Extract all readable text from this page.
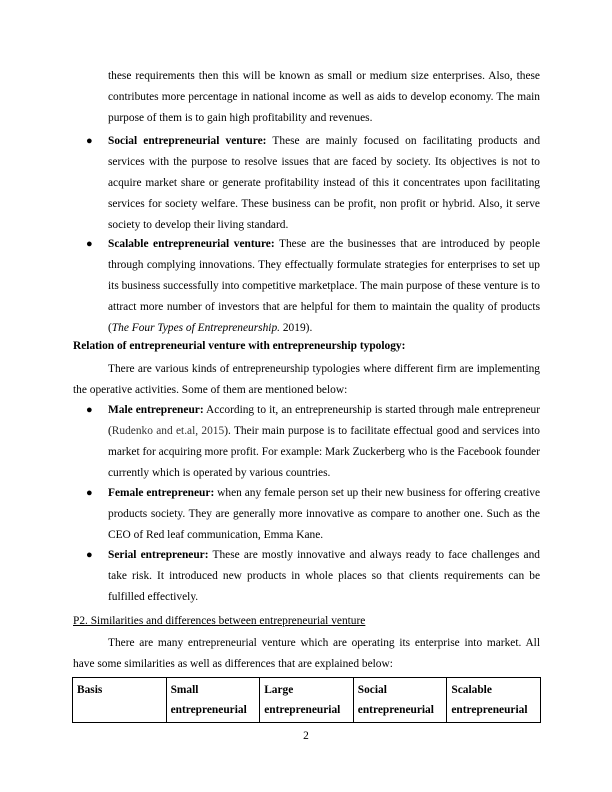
these requirements then this will be known as small or medium size enterprises. Also, these contributes more percentage in national income as well as aids to develop economy. The main purpose of them is to gain high profitability and revenues.

● Social entrepreneurial venture: These are mainly focused on facilitating products and services with the purpose to resolve issues that are faced by society. Its objectives is not to acquire market share or generate profitability instead of this it concentrates upon facilitating services for society welfare. These business can be profit, non profit or hybrid. Also, it serve society to develop their living standard.
● Scalable entrepreneurial venture: These are the businesses that are introduced by people through complying innovations. They effectually formulate strategies for enterprises to set up its business successfully into competitive marketplace. The main purpose of these venture is to attract more number of investors that are helpful for them to maintain the quality of products (The Four Types of Entrepreneurship. 2019).

Relation of entrepreneurial venture with entrepreneurship typology:

There are various kinds of entrepreneurship typologies where different firm are implementing the operative activities. Some of them are mentioned below:

● Male entrepreneur: According to it, an entrepreneurship is started through male entrepreneur (Rudenko and et.al, 2015). Their main purpose is to facilitate effectual good and services into market for acquiring more profit. For example: Mark Zuckerberg who is the Facebook founder currently which is operated by various countries.
● Female entrepreneur: when any female person set up their new business for offering creative products society. They are generally more innovative as compare to another one. Such as the CEO of Red leaf communication, Emma Kane.
● Serial entrepreneur: These are mostly innovative and always ready to face challenges and take risk. It introduced new products in whole places so that clients requirements can be fulfilled effectively.

P2. Similarities and differences between entrepreneurial venture

There are many entrepreneurial venture which are operating its enterprise into market. All have some similarities as well as differences that are explained below:

Basis	Small entrepreneurial	Large entrepreneurial	Social entrepreneurial	Scalable entrepreneurial

2
